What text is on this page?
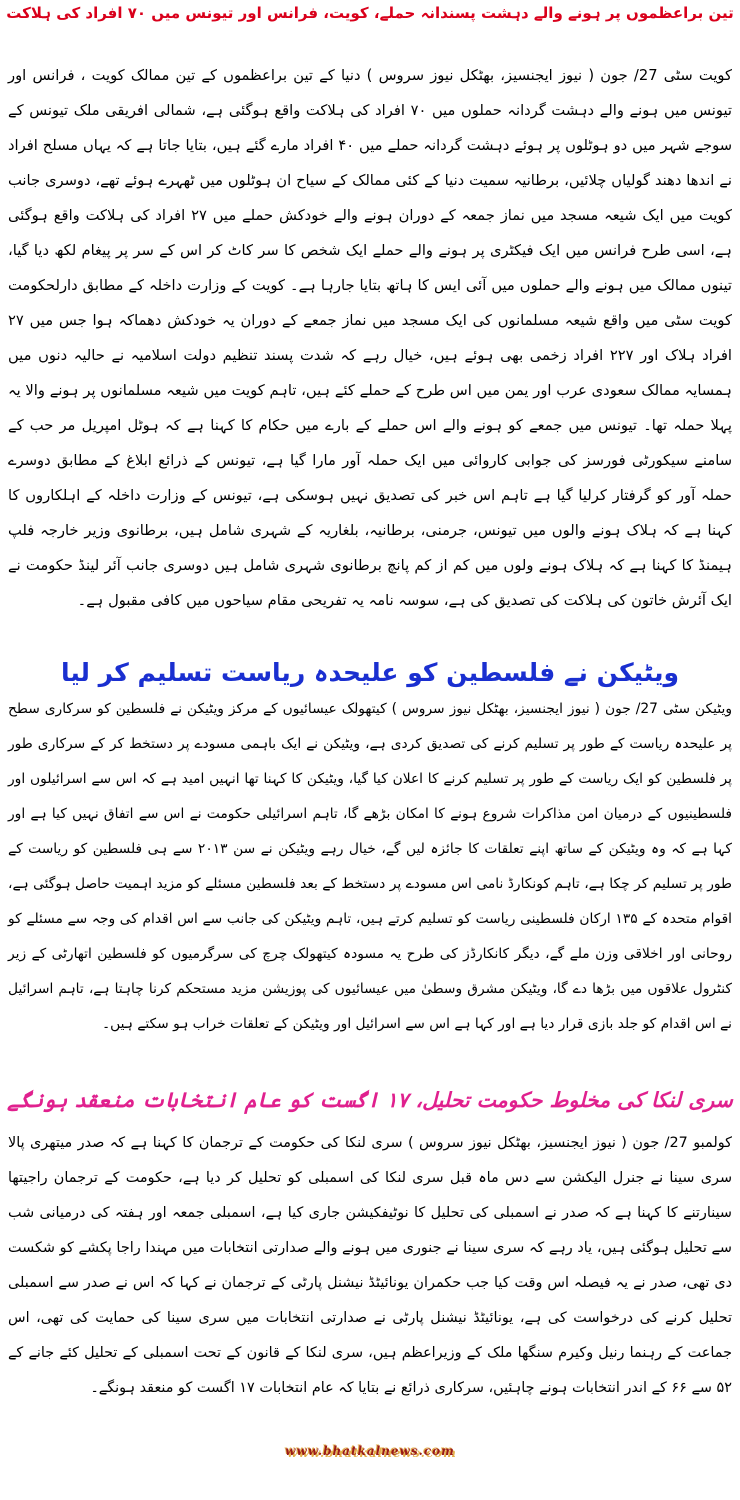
تین براعظموں پر ہونے والے دہشت پسندانہ حملے، کویت، فرانس اور تیونس میں ۷۰ افراد کی ہلاکت
کویت سٹی 27/ جون ( نیوز ایجنسیز، بھٹکل نیوز سروس ) دنیا کے تین براعظموں کے تین ممالک کویت ، فرانس اور تیونس میں ہونے والے دہشت گردانہ حملوں میں ۷۰ افراد کی ہلاکت واقع ہوگئی ہے، شمالی افریقی ملک تیونس کے سوجے شہر میں دو ہوٹلوں پر ہوئے دہشت گردانہ حملے میں ۴۰ افراد مارے گئے ہیں، بتایا جاتا ہے کہ یہاں مسلح افراد نے اندھا دھند گولیاں چلائیں، برطانیہ سمیت دنیا کے کئی ممالک کے سیاح ان ہوٹلوں میں ٹھہرے ہوئے تھے، دوسری جانب کویت میں ایک شیعہ مسجد میں نماز جمعہ کے دوران ہونے والے خودکش حملے میں ۲۷ افراد کی ہلاکت واقع ہوگئی ہے، اسی طرح فرانس میں ایک فیکٹری پر ہونے والے حملے ایک شخص کا سر کاٹ کر اس کے سر پر پیغام لکھ دیا گیا، تینوں ممالک میں ہونے والے حملوں میں آئی ایس کا ہاتھ بتایا جارہا ہے۔ کویت کے وزارت داخلہ کے مطابق دارلحکومت کویت سٹی میں واقع شیعہ مسلمانوں کی ایک مسجد میں نماز جمعے کے دوران یہ خودکش دھماکہ ہوا جس میں ۲۷ افراد ہلاک اور ۲۲۷ افراد زخمی بھی ہوئے ہیں، خیال رہے کہ شدت پسند تنظیم دولت اسلامیہ نے حالیہ دنوں میں ہمسایہ ممالک سعودی عرب اور یمن میں اس طرح کے حملے کئے ہیں، تاہم کویت میں شیعہ مسلمانوں پر ہونے والا یہ پہلا حملہ تھا۔ تیونس میں جمعے کو ہونے والے اس حملے کے بارے میں حکام کا کہنا ہے کہ ہوٹل امپریل مر حب کے سامنے سیکورٹی فورسز کی جوابی کاروائی میں ایک حملہ آور مارا گیا ہے، تیونس کے ذرائع ابلاغ کے مطابق دوسرے حملہ آور کو گرفتار کرلیا گیا ہے تاہم اس خبر کی تصدیق نہیں ہوسکی ہے، تیونس کے وزارت داخلہ کے اہلکاروں کا کہنا ہے کہ ہلاک ہونے والوں میں تیونس، جرمنی، برطانیہ، بلغاریہ کے شہری شامل ہیں، برطانوی وزیر خارجہ فلپ ہیمنڈ کا کہنا ہے کہ ہلاک ہونے ولوں میں کم از کم پانچ برطانوی شہری شامل ہیں دوسری جانب آئر لینڈ حکومت نے ایک آئرش خاتون کی ہلاکت کی تصدیق کی ہے، سوسہ نامہ یہ تفریحی مقام سیاحوں میں کافی مقبول ہے۔
ویٹیکن نے فلسطین کو علیحدہ ریاست تسلیم کر لیا
ویٹیکن سٹی 27/ جون ( نیوز ایجنسیز، بھٹکل نیوز سروس ) کیتھولک عیسائیوں کے مرکز ویٹیکن نے فلسطین کو سرکاری سطح پر علیحدہ ریاست کے طور پر تسلیم کرنے کی تصدیق کردی ہے، ویٹیکن نے ایک باہمی مسودے پر دستخط کر کے سرکاری طور پر فلسطین کو ایک ریاست کے طور پر تسلیم کرنے کا اعلان کیا گیا، ویٹیکن کا کہنا تھا انہیں امید ہے کہ اس سے اسرائیلوں اور فلسطینیوں کے درمیان امن مذاکرات شروع ہونے کا امکان بڑھے گا، تاہم اسرائیلی حکومت نے اس سے اتفاق نہیں کیا ہے اور کہا ہے کہ وہ ویٹیکن کے ساتھ اپنے تعلقات کا جائزہ لیں گے، خیال رہے ویٹیکن نے سن ۲۰۱۳ سے ہی فلسطین کو ریاست کے طور پر تسلیم کر چکا ہے، تاہم کونکارڈ نامی اس مسودے پر دستخط کے بعد فلسطین مسئلے کو مزید اہمیت حاصل ہوگئی ہے، اقوام متحدہ کے ۱۳۵ ارکان فلسطینی ریاست کو تسلیم کرتے ہیں، تاہم ویٹیکن کی جانب سے اس اقدام کی وجہ سے مسئلے کو روحانی اور اخلاقی وزن ملے گے، دیگر کانکارڈز کی طرح یہ مسودہ کیتھولک چرچ کی سرگرمیوں کو فلسطین اتھارٹی کے زیر کنٹرول علاقوں میں بڑھا دے گا، ویٹیکن مشرق وسطیٰ میں عیسائیوں کی پوزیشن مزید مستحکم کرنا چاہتا ہے، تاہم اسرائیل نے اس اقدام کو جلد بازی قرار دیا ہے اور کہا ہے اس سے اسرائیل اور ویٹیکن کے تعلقات خراب ہو سکتے ہیں۔
سری لنکا کی مخلوط حکومت تحلیل، ۱۷ اگست کو عام انتخابات منعقد ہونگے
کولمبو 27/ جون ( نیوز ایجنسیز، بھٹکل نیوز سروس ) سری لنکا کی حکومت کے ترجمان کا کہنا ہے کہ صدر میتھری پالا سری سینا نے جنرل الیکشن سے دس ماہ قبل سری لنکا کی اسمبلی کو تحلیل کر دیا ہے، حکومت کے ترجمان راجیتھا سینارتنے کا کہنا ہے کہ صدر نے اسمبلی کی تحلیل کا نوٹیفکیشن جاری کیا ہے، اسمبلی جمعہ اور ہفتہ کی درمیانی شب سے تحلیل ہوگئی ہیں، یاد رہے کہ سری سینا نے جنوری میں ہونے والے صدارتی انتخابات میں مہندا راجا پکشے کو شکست دی تھی، صدر نے یہ فیصلہ اس وقت کیا جب حکمران یونائیٹڈ نیشنل پارٹی کے ترجمان نے کہا کہ اس نے صدر سے اسمبلی تحلیل کرنے کی درخواست کی ہے، یونائیٹڈ نیشنل پارٹی نے صدارتی انتخابات میں سری سینا کی حمایت کی تھی، اس جماعت کے رہنما رنیل وکیرم سنگھا ملک کے وزیراعظم ہیں، سری لنکا کے قانون کے تحت اسمبلی کے تحلیل کئے جانے کے ۵۲ سے ۶۶ کے اندر انتخابات ہونے چاہئیں، سرکاری ذرائع نے بتایا کہ عام انتخابات ۱۷ اگست کو منعقد ہونگے۔
www.bhatkalnews.com
